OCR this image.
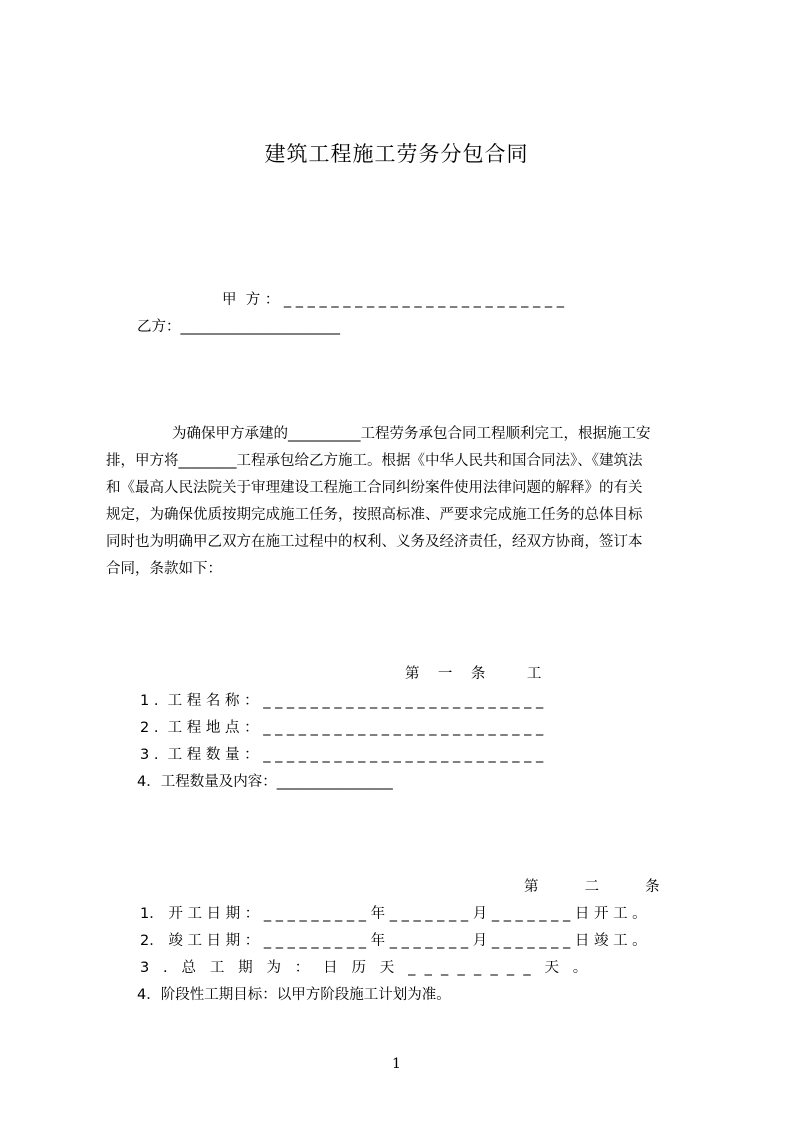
建筑工程施工劳务分包合同
甲  方 ： _ _ _ _ _ _ _ _ _ _ _ _ _ _ _ _ _ _ _ _ _ _ _ _
乙方：______________________
为确保甲方承建的__________工程劳务承包合同工程顺利完工，根据施工安
排，甲方将________工程承包给乙方施工。根据《中华人民共和国合同法》、《建筑法
和《最高人民法院关于审理建设工程施工合同纠纷案件使用法律问题的解释》的有关
规定，为确保优质按期完成施工任务，按照高标准、严要求完成施工任务的总体目标
同时也为明确甲乙双方在施工过程中的权利、义务及经济责任，经双方协商，签订本
合同，条款如下：
第    一    条         工
1 .  工 程 名 称 ： _ _ _ _ _ _ _ _ _ _ _ _ _ _ _ _ _ _ _ _ _ _ _ _
2 .  工 程 地 点 ： _ _ _ _ _ _ _ _ _ _ _ _ _ _ _ _ _ _ _ _ _ _ _ _
3 .  工 程 数 量 ： _ _ _ _ _ _ _ _ _ _ _ _ _ _ _ _ _ _ _ _ _ _ _ _
4．工程数量及内容：________________
第          二          条
1． 开 工 日 期 ： _ _ _ _ _ _ _ _ _ 年 _ _ _ _ _ _ _ 月 _ _ _ _ _ _ _ 日 开 工 。
2． 竣 工 日 期 ： _ _ _ _ _ _ _ _ _ 年 _ _ _ _ _ _ _ 月 _ _ _ _ _ _ _ 日 竣 工 。
3   .   总   工   期   为   ：   日   历   天   _  _  _  _  _  _  _  _   天   。
4．阶段性工期目标：以甲方阶段施工计划为准。
1
